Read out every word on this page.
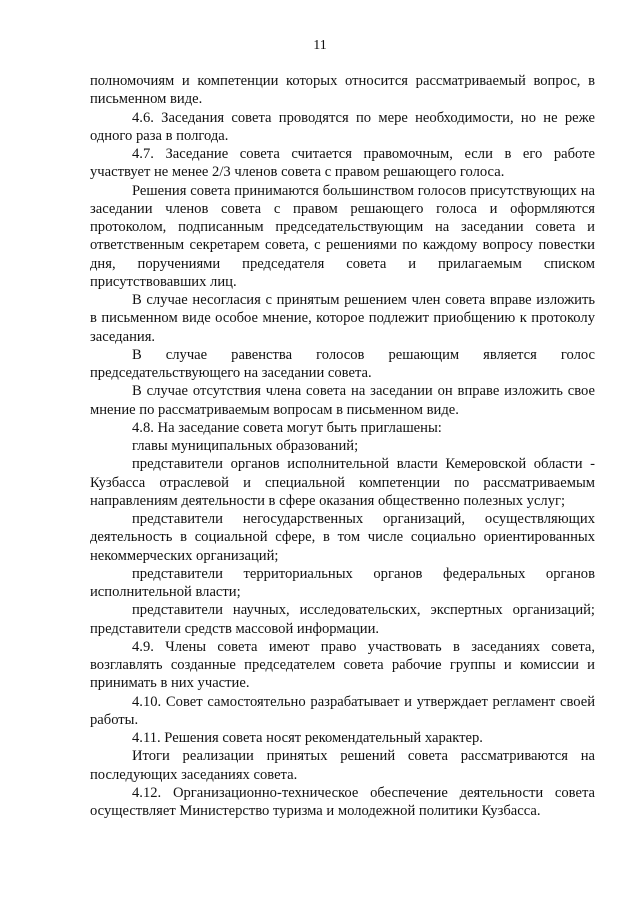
11

полномочиям и компетенции которых относится рассматриваемый вопрос, в письменном виде.

4.6. Заседания совета проводятся по мере необходимости, но не реже одного раза в полгода.

4.7. Заседание совета считается правомочным, если в его работе участвует не менее 2/3 членов совета с правом решающего голоса.

Решения совета принимаются большинством голосов присутствующих на заседании членов совета с правом решающего голоса и оформляются протоколом, подписанным председательствующим на заседании совета и ответственным секретарем совета, с решениями по каждому вопросу повестки дня, поручениями председателя совета и прилагаемым списком присутствовавших лиц.

В случае несогласия с принятым решением член совета вправе изложить в письменном виде особое мнение, которое подлежит приобщению к протоколу заседания.

В случае равенства голосов решающим является голос председательствующего на заседании совета.

В случае отсутствия члена совета на заседании он вправе изложить свое мнение по рассматриваемым вопросам в письменном виде.

4.8. На заседание совета могут быть приглашены:

главы муниципальных образований;

представители органов исполнительной власти Кемеровской области - Кузбасса отраслевой и специальной компетенции по рассматриваемым направлениям деятельности в сфере оказания общественно полезных услуг;

представители негосударственных организаций, осуществляющих деятельность в социальной сфере, в том числе социально ориентированных некоммерческих организаций;

представители территориальных органов федеральных органов исполнительной власти;

представители научных, исследовательских, экспертных организаций; представители средств массовой информации.

4.9. Члены совета имеют право участвовать в заседаниях совета, возглавлять созданные председателем совета рабочие группы и комиссии и принимать в них участие.

4.10. Совет самостоятельно разрабатывает и утверждает регламент своей работы.

4.11. Решения совета носят рекомендательный характер.

Итоги реализации принятых решений совета рассматриваются на последующих заседаниях совета.

4.12. Организационно-техническое обеспечение деятельности совета осуществляет Министерство туризма и молодежной политики Кузбасса.
